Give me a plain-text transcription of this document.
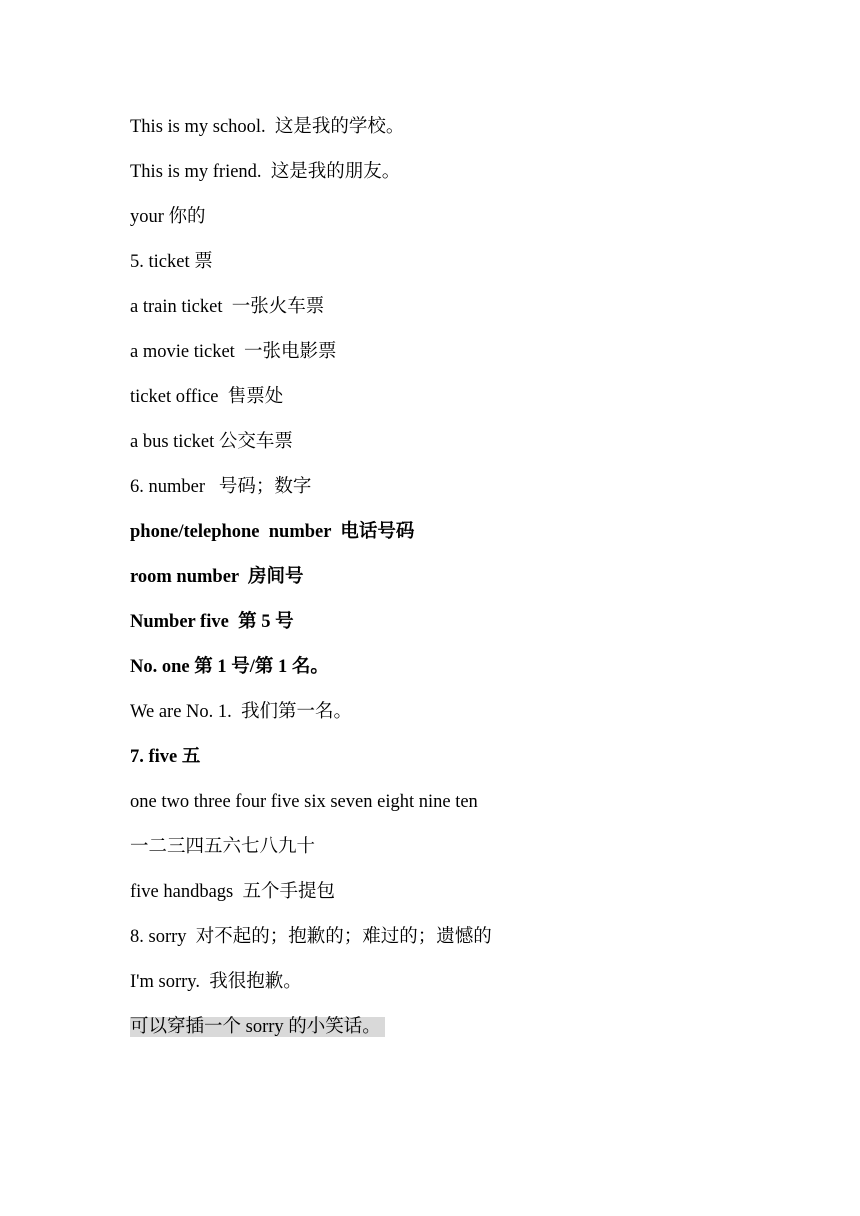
This is my school.  这是我的学校。
This is my friend.  这是我的朋友。
your 你的
5. ticket 票
a train ticket  一张火车票
a movie ticket  一张电影票
ticket office  售票处
a bus ticket 公交车票
6. number   号码；数字
phone/telephone  number  电话号码
room number  房间号
Number five  第 5 号
No. one 第 1 号/第 1 名。
We are No. 1.  我们第一名。
7. five 五
one two three four five six seven eight nine ten
一二三四五六七八九十
five handbags  五个手提包
8. sorry  对不起的；抱歉的；难过的；遗憾的
I'm sorry.  我很抱歉。
可以穿插一个 sorry 的小笑话。
